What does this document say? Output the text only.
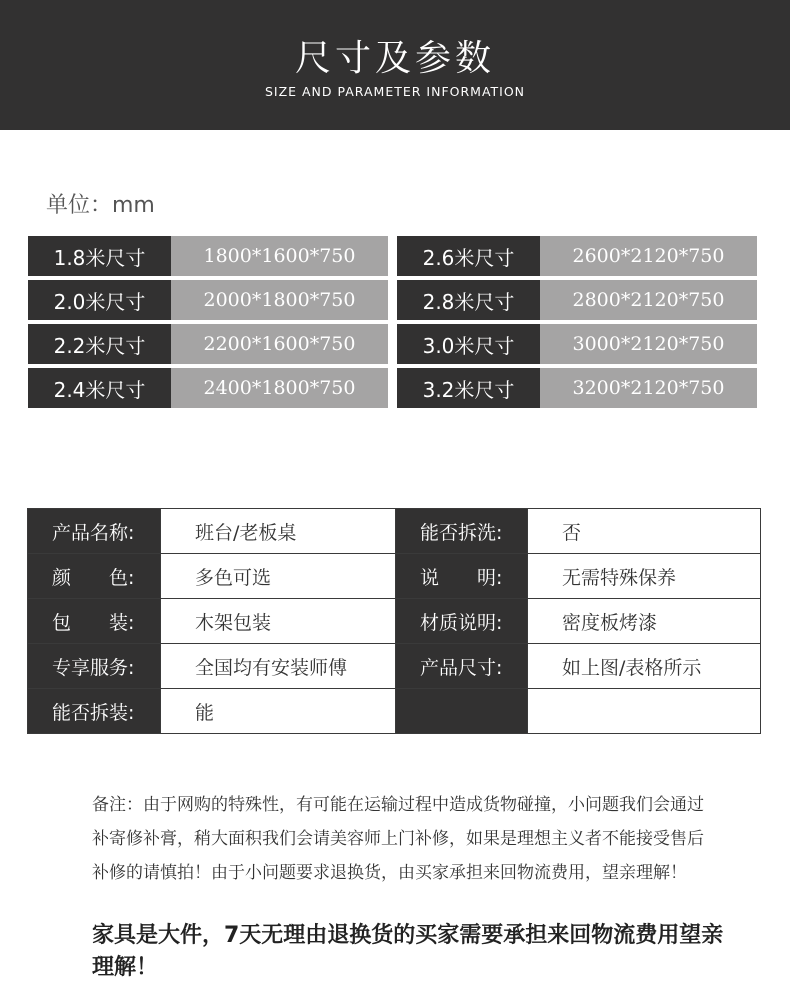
尺寸及参数
SIZE AND PARAMETER INFORMATION
单位：mm
1.8米尺寸	1800*1600*750
2.0米尺寸	2000*1800*750
2.2米尺寸	2200*1600*750
2.4米尺寸	2400*1800*750
2.6米尺寸	2600*2120*750
2.8米尺寸	2800*2120*750
3.0米尺寸	3000*2120*750
3.2米尺寸	3200*2120*750
产品名称:	班台/老板桌	能否拆洗:	否
颜　　色:	多色可选	说　　明:	无需特殊保养
包　　装:	木架包装	材质说明:	密度板烤漆
专享服务:	全国均有安装师傅	产品尺寸:	如上图/表格所示
能否拆装:	能		
备注：由于网购的特殊性，有可能在运输过程中造成货物碰撞，小问题我们会通过补寄修补膏，稍大面积我们会请美容师上门补修，如果是理想主义者不能接受售后补修的请慎拍！由于小问题要求退换货，由买家承担来回物流费用，望亲理解！
家具是大件，7天无理由退换货的买家需要承担来回物流费用望亲理解！
